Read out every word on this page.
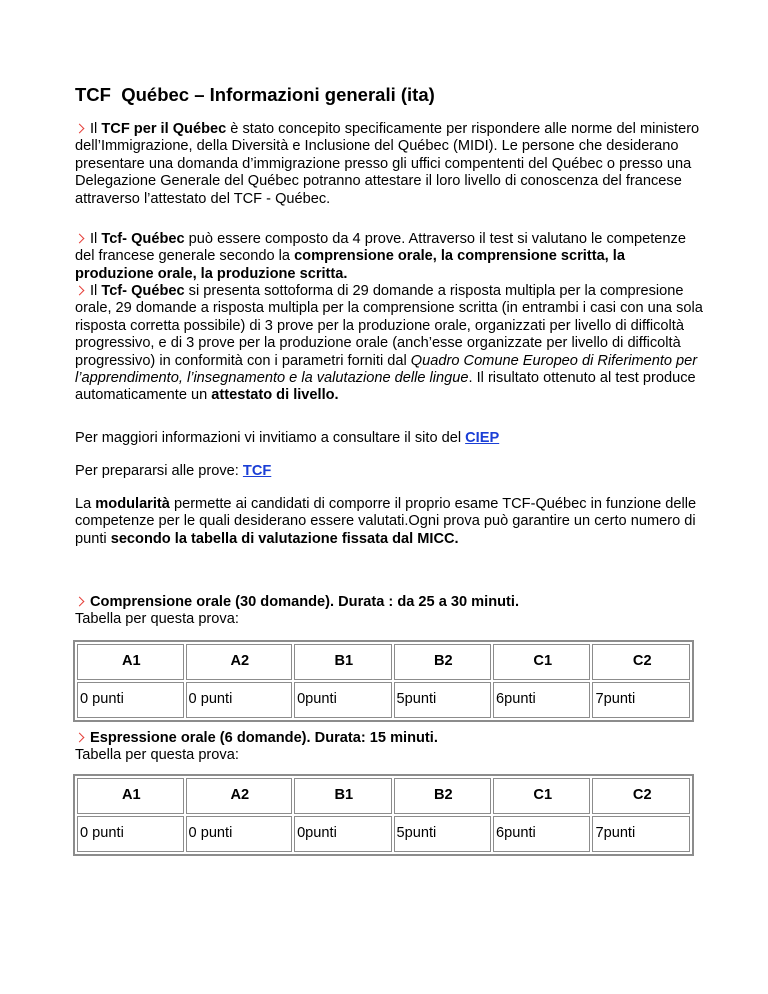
TCF  Québec – Informazioni generali (ita)

Il TCF per il Québec è stato concepito specificamente per rispondere alle norme del ministero dell’Immigrazione, della Diversità e Inclusione del Québec (MIDI). Le persone che desiderano presentare una domanda d’immigrazione presso gli uffici compententi del Québec o presso una Delegazione Generale del Québec potranno attestare il loro livello di conoscenza del francese attraverso l’attestato del TCF - Québec.

Il Tcf- Québec può essere composto da 4 prove. Attraverso il test si valutano le competenze del francese generale secondo la comprensione orale, la comprensione scritta, la produzione orale, la produzione scritta.

Il Tcf- Québec si presenta sottoforma di 29 domande a risposta multipla per la compresione orale, 29 domande a risposta multipla per la comprensione scritta (in entrambi i casi con una sola risposta corretta possibile) di 3 prove per la produzione orale, organizzati per livello di difficoltà progressivo, e di 3 prove per la produzione orale (anch’esse organizzate per livello di difficoltà progressivo) in conformità con i parametri forniti dal Quadro Comune Europeo di Riferimento per l’apprendimento, l’insegnamento e la valutazione delle lingue. Il risultato ottenuto al test produce automaticamente un attestato di livello.

Per maggiori informazioni vi invitiamo a consultare il sito del CIEP

Per prepararsi alle prove: TCF

La modularità permette ai candidati di comporre il proprio esame TCF-Québec in funzione delle competenze per le quali desiderano essere valutati.Ogni prova può garantire un certo numero di punti secondo la tabella di valutazione fissata dal MICC.

Comprensione orale (30 domande). Durata : da 25 a 30 minuti.
Tabella per questa prova:

A1	A2	B1	B2	C1	C2
0 punti	0 punti	0punti	5punti	6punti	7punti

Espressione orale (6 domande). Durata: 15 minuti.
Tabella per questa prova:

A1	A2	B1	B2	C1	C2
0 punti	0 punti	0punti	5punti	6punti	7punti
